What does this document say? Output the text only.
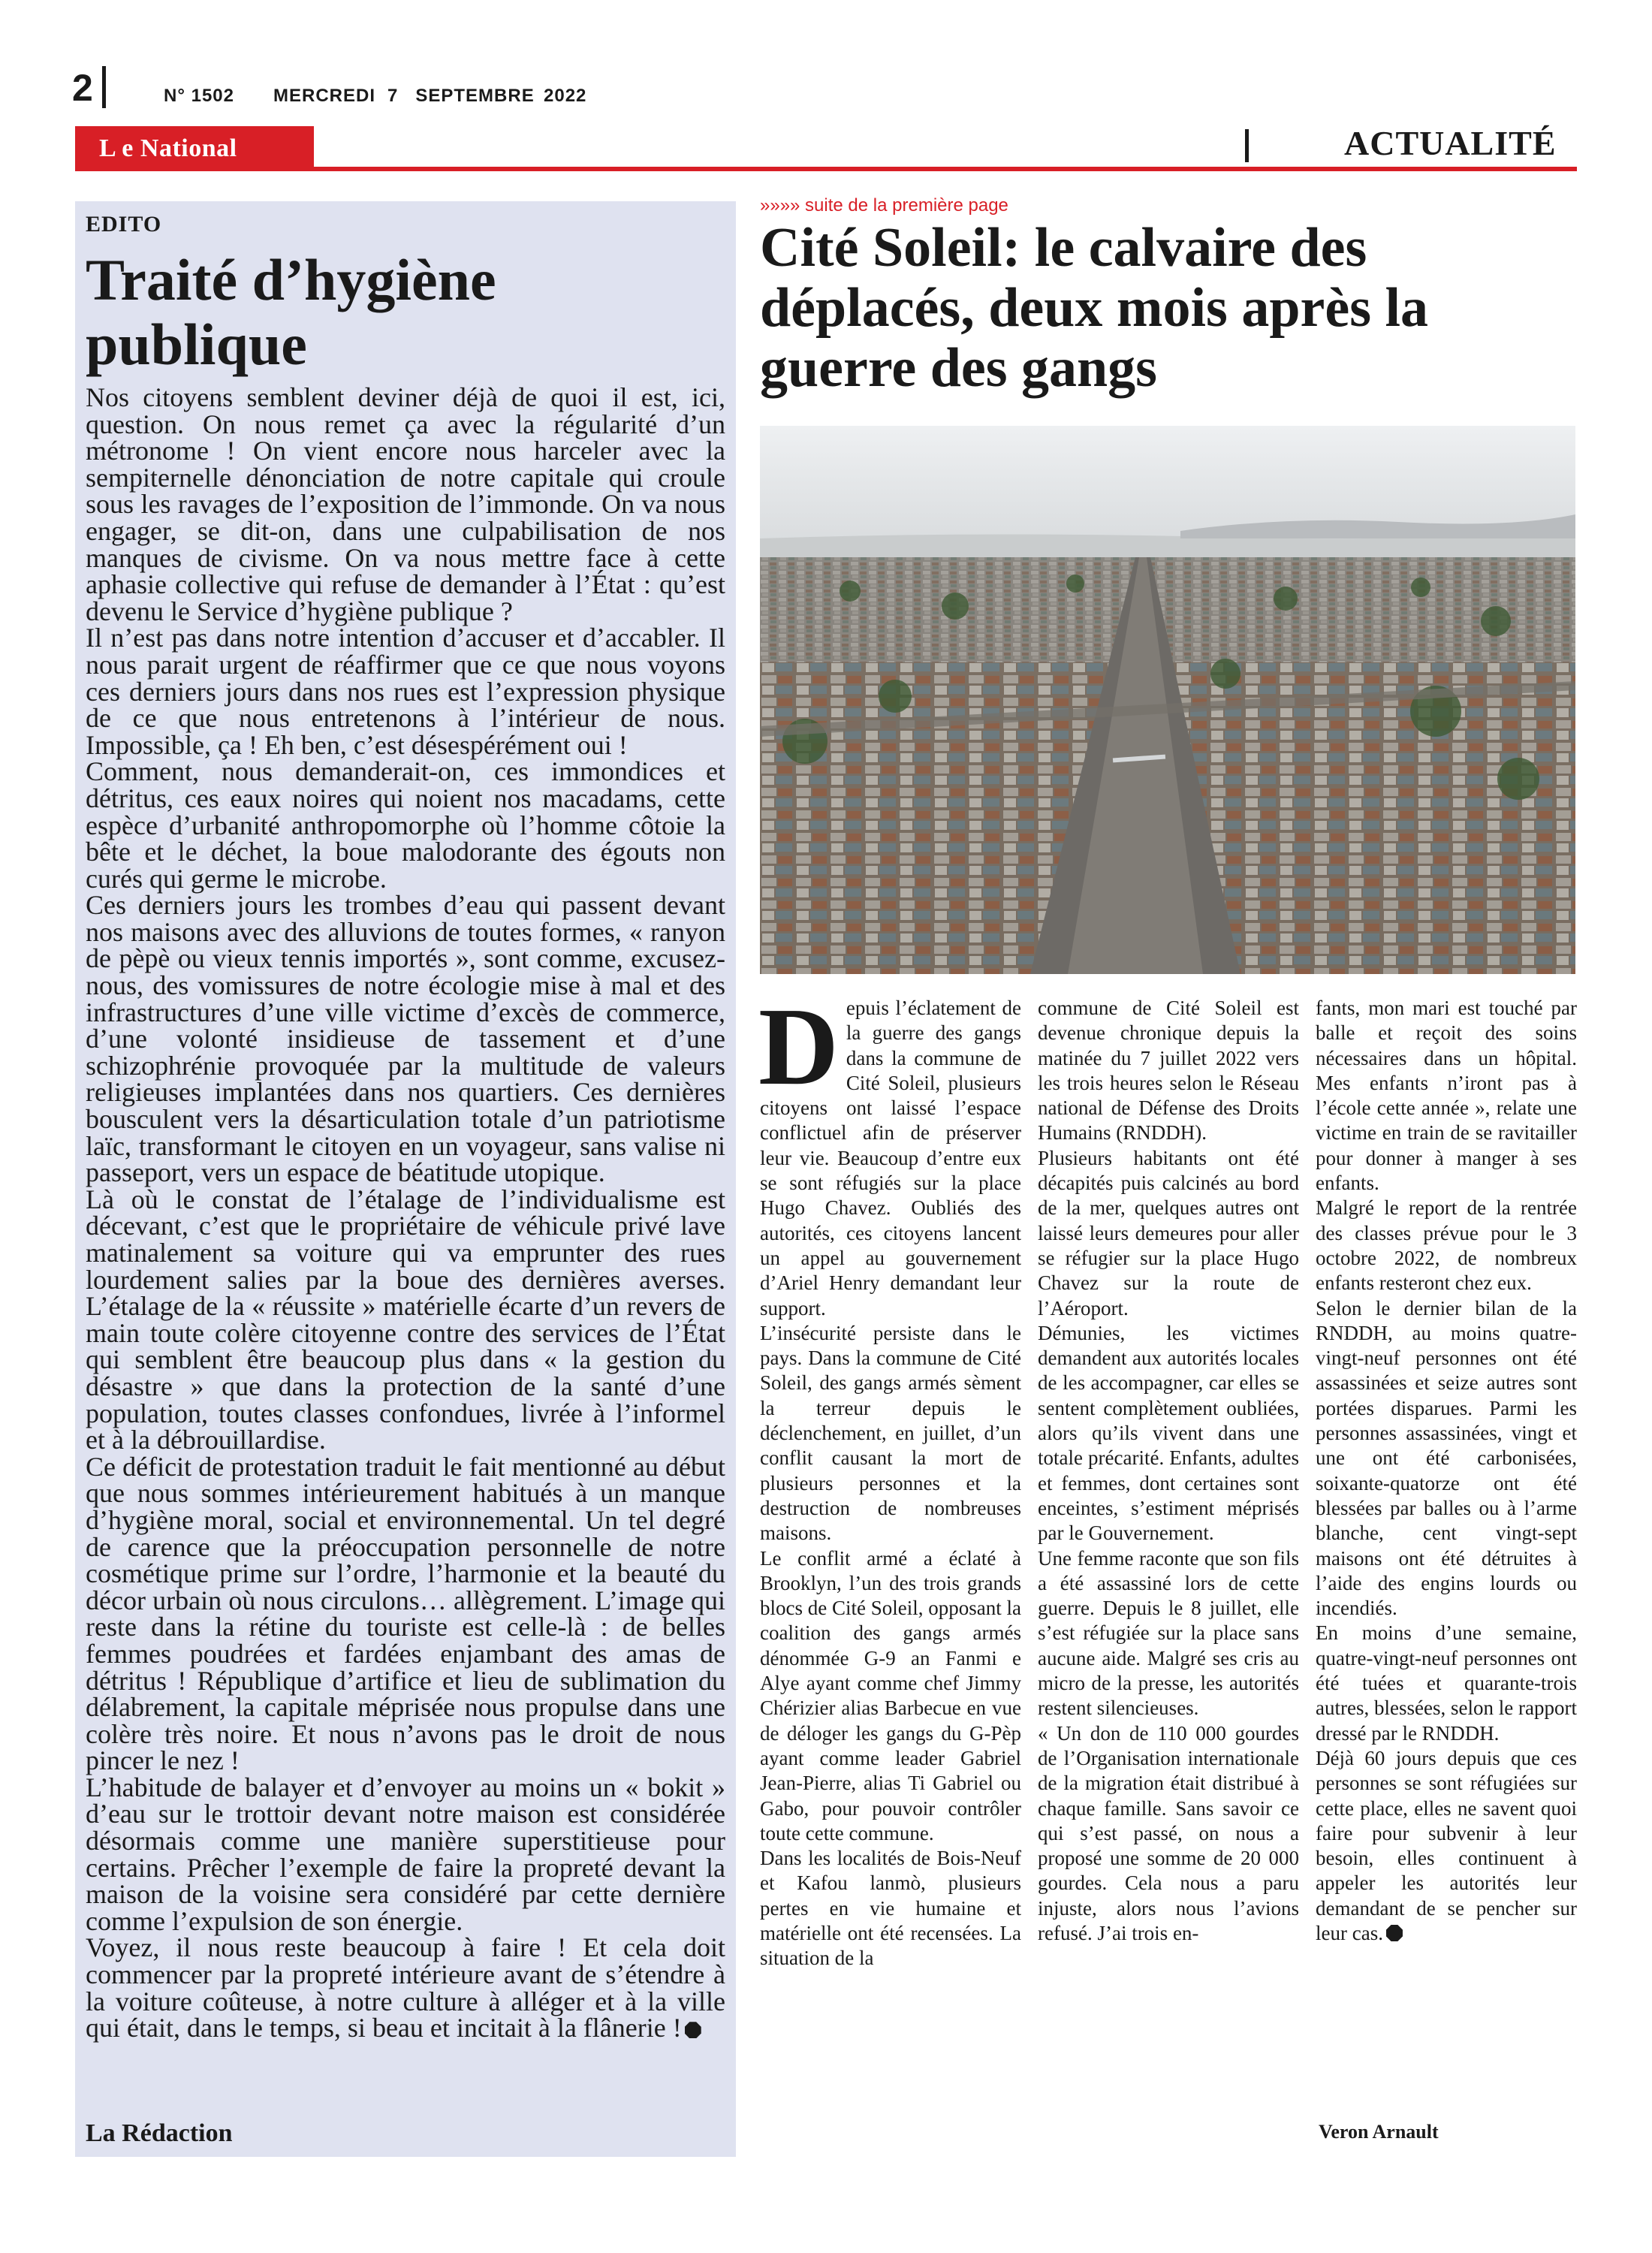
2	N° 1502 MERCREDI 7   SEPTEMBRE 2022
L e National	ACTUALITÉ
EDITO
Traité d’hygiène publique

Nos citoyens semblent deviner déjà de quoi il est, ici, question. On nous remet ça avec la régularité d’un métronome ! On vient encore nous harceler avec la sempiternelle dénonciation de notre capitale qui croule sous les ravages de l’exposition de l’immonde. On va nous engager, se dit-on, dans une culpabilisation de nos manques de civisme. On va nous mettre face à cette aphasie collective qui refuse de demander à l’État : qu’est devenu le Service d’hygiène publique ?

Il n’est pas dans notre intention d’accuser et d’accabler. Il nous parait urgent de réaffirmer que ce que nous voyons ces derniers jours dans nos rues est l’expression physique de ce que nous entretenons à l’intérieur de nous. Impossible, ça ! Eh ben, c’est désespérément oui !

Comment, nous demanderait-on, ces immondices et détritus, ces eaux noires qui noient nos macadams, cette espèce d’urbanité anthropomorphe où l’homme côtoie la bête et le déchet, la boue malodorante des égouts non curés qui germe le microbe.

Ces derniers jours les trombes d’eau qui passent devant nos maisons avec des alluvions de toutes formes, « ranyon de pèpè ou vieux tennis importés », sont comme, excusez-nous, des vomissures de notre écologie mise à mal et des infrastructures d’une ville victime d’excès de commerce, d’une volonté insidieuse de tassement et d’une schizophrénie provoquée par la multitude de valeurs religieuses implantées dans nos quartiers. Ces dernières bousculent vers la désarticulation totale d’un patriotisme laïc, transformant le citoyen en un voyageur, sans valise ni passeport, vers un espace de béatitude utopique.

Là où le constat de l’étalage de l’individualisme est décevant, c’est que le propriétaire de véhicule privé lave matinalement sa voiture qui va emprunter des rues lourdement salies par la boue des dernières averses. L’étalage de la « réussite » matérielle écarte d’un revers de main toute colère citoyenne contre des services de l’État qui semblent être beaucoup plus dans « la gestion du désastre » que dans la protection de la santé d’une population, toutes classes confondues, livrée à l’informel et à la débrouillardise.

Ce déficit de protestation traduit le fait mentionné au début que nous sommes intérieurement habitués à un manque d’hygiène moral, social et environnemental. Un tel degré de carence que la préoccupation personnelle de notre cosmétique prime sur l’ordre, l’harmonie et la beauté du décor urbain où nous circulons… allègrement. L’image qui reste dans la rétine du touriste est celle-là : de belles femmes poudrées et fardées enjambant des amas de détritus ! République d’artifice et lieu de sublimation du délabrement, la capitale méprisée nous propulse dans une colère très noire. Et nous n’avons pas le droit de nous pincer le nez !

L’habitude de balayer et d’envoyer au moins un « bokit » d’eau sur le trottoir devant notre maison est considérée désormais comme une manière superstitieuse pour certains. Prêcher l’exemple de faire la propreté devant la maison de la voisine sera considéré par cette dernière comme l’expulsion de son énergie.

Voyez, il nous reste beaucoup à faire ! Et cela doit commencer par la propreté intérieure avant de s’étendre à la voiture coûteuse, à notre culture à alléger et à la ville qui était, dans le temps, si beau et incitait à la flânerie !

La Rédaction
»»»» suite de la première page
Cité Soleil: le calvaire des déplacés, deux mois après la guerre des gangs

Depuis l’éclatement de la guerre des gangs dans la commune de Cité Soleil, plusieurs citoyens ont laissé l’espace conflictuel afin de préserver leur vie. Beaucoup d’entre eux se sont réfugiés sur la place Hugo Chavez. Oubliés des autorités, ces citoyens lancent un appel au gouvernement d’Ariel Henry demandant leur support.

L’insécurité persiste dans le pays. Dans la commune de Cité Soleil, des gangs armés sèment la terreur depuis le déclenchement, en juillet, d’un conflit causant la mort de plusieurs personnes et la destruction de nombreuses maisons.

Le conflit armé a éclaté à Brooklyn, l’un des trois grands blocs de Cité Soleil, opposant la coalition des gangs armés dénommée G-9 an Fanmi e Alye ayant comme chef Jimmy Chérizier alias Barbecue en vue de déloger les gangs du G-Pèp ayant comme leader Gabriel Jean-Pierre, alias Ti Gabriel ou Gabo, pour pouvoir contrôler toute cette commune.

Dans les localités de Bois-Neuf et Kafou lanmò, plusieurs pertes en vie humaine et matérielle ont été recensées. La situation de la

commune de Cité Soleil est devenue chronique depuis la matinée du 7 juillet 2022 vers les trois heures selon le Réseau national de Défense des Droits Humains (RNDDH).

Plusieurs habitants ont été décapités puis calcinés au bord de la mer, quelques autres ont laissé leurs demeures pour aller se réfugier sur la place Hugo Chavez sur la route de l’Aéroport.

Démunies, les victimes demandent aux autorités locales de les accompagner, car elles se sentent complètement oubliées, alors qu’ils vivent dans une totale précarité. Enfants, adultes et femmes, dont certaines sont enceintes, s’estiment méprisés par le Gouvernement.

Une femme raconte que son fils a été assassiné lors de cette guerre. Depuis le 8 juillet, elle s’est réfugiée sur la place sans aucune aide. Malgré ses cris au micro de la presse, les autorités restent silencieuses.

« Un don de 110 000 gourdes de l’Organisation internationale de la migration était distribué à chaque famille. Sans savoir ce qui s’est passé, on nous a proposé une somme de 20 000 gourdes. Cela nous a paru injuste, alors nous l’avions refusé. J’ai trois en-

fants, mon mari est touché par balle et reçoit des soins nécessaires dans un hôpital. Mes enfants n’iront pas à l’école cette année », relate une victime en train de se ravitailler pour donner à manger à ses enfants.

Malgré le report de la rentrée des classes prévue pour le 3 octobre 2022, de nombreux enfants resteront chez eux.

Selon le dernier bilan de la RNDDH, au moins quatre-vingt-neuf personnes ont été assassinées et seize autres sont portées disparues. Parmi les personnes assassinées, vingt et une ont été carbonisées, soixante-quatorze ont été blessées par balles ou à l’arme blanche, cent vingt-sept maisons ont été détruites à l’aide des engins lourds ou incendiés.

En moins d’une semaine, quatre-vingt-neuf personnes ont été tuées et quarante-trois autres, blessées, selon le rapport dressé par le RNDDH.

Déjà 60 jours depuis que ces personnes se sont réfugiées sur cette place, elles ne savent quoi faire pour subvenir à leur besoin, elles continuent à appeler les autorités leur demandant de se pencher sur leur cas.

Veron Arnault
